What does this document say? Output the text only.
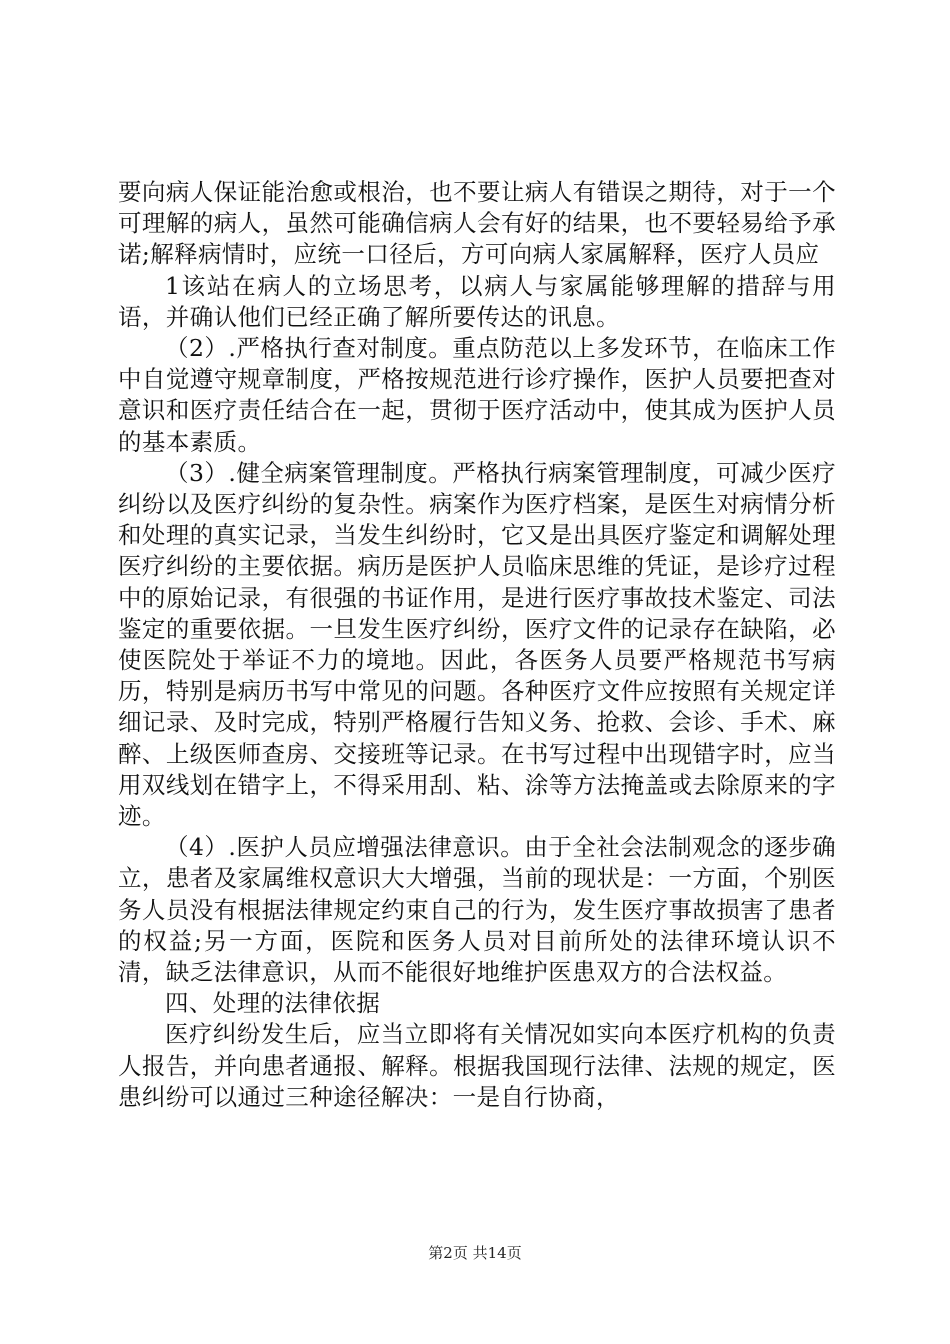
要向病人保证能治愈或根治，也不要让病人有错误之期待，对于一个可理解的病人，虽然可能确信病人会有好的结果，也不要轻易给予承诺;解释病情时，应统一口径后，方可向病人家属解释，医疗人员应

1该站在病人的立场思考，以病人与家属能够理解的措辞与用语，并确认他们已经正确了解所要传达的讯息。

（2）.严格执行查对制度。重点防范以上多发环节，在临床工作中自觉遵守规章制度，严格按规范进行诊疗操作，医护人员要把查对意识和医疗责任结合在一起，贯彻于医疗活动中，使其成为医护人员的基本素质。

（3）.健全病案管理制度。严格执行病案管理制度，可减少医疗纠纷以及医疗纠纷的复杂性。病案作为医疗档案，是医生对病情分析和处理的真实记录，当发生纠纷时，它又是出具医疗鉴定和调解处理医疗纠纷的主要依据。病历是医护人员临床思维的凭证，是诊疗过程中的原始记录，有很强的书证作用，是进行医疗事故技术鉴定、司法鉴定的重要依据。一旦发生医疗纠纷，医疗文件的记录存在缺陷，必使医院处于举证不力的境地。因此，各医务人员要严格规范书写病历，特别是病历书写中常见的问题。各种医疗文件应按照有关规定详细记录、及时完成，特别严格履行告知义务、抢救、会诊、手术、麻醉、上级医师查房、交接班等记录。在书写过程中出现错字时，应当用双线划在错字上，不得采用刮、粘、涂等方法掩盖或去除原来的字迹。

（4）.医护人员应增强法律意识。由于全社会法制观念的逐步确立，患者及家属维权意识大大增强，当前的现状是：一方面，个别医务人员没有根据法律规定约束自己的行为，发生医疗事故损害了患者的权益;另一方面，医院和医务人员对目前所处的法律环境认识不清，缺乏法律意识，从而不能很好地维护医患双方的合法权益。

四、处理的法律依据

医疗纠纷发生后，应当立即将有关情况如实向本医疗机构的负责人报告，并向患者通报、解释。根据我国现行法律、法规的规定，医患纠纷可以通过三种途径解决：一是自行协商，

第2页 共14页
